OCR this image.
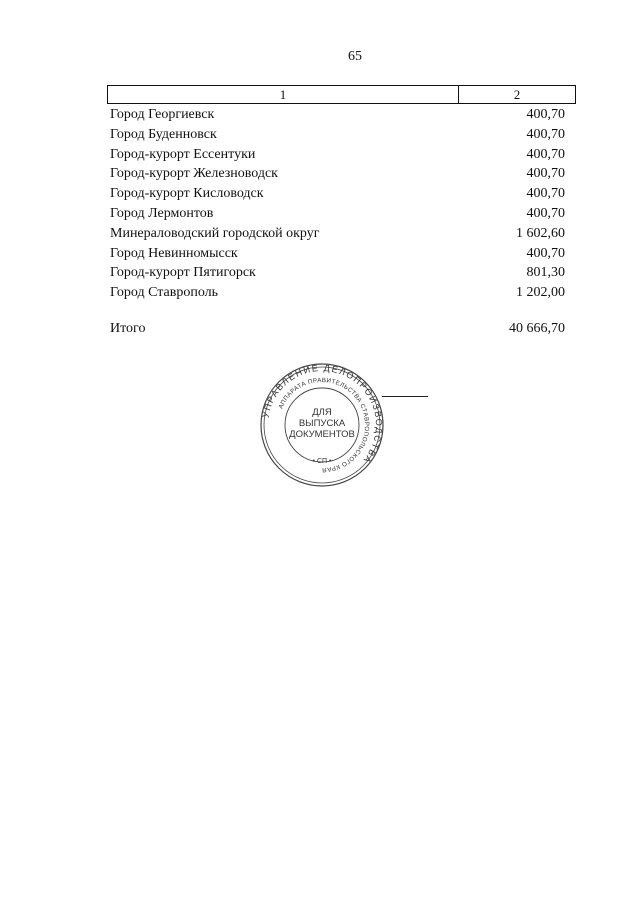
65
1	2
Город Георгиевск	400,70
Город Буденновск	400,70
Город-курорт Ессентуки	400,70
Город-курорт Железноводск	400,70
Город-курорт Кисловодск	400,70
Город Лермонтов	400,70
Минераловодский городской округ	1 602,60
Город Невинномысск	400,70
Город-курорт Пятигорск	801,30
Город Ставрополь	1 202,00
Итого	40 666,70
УПРАВЛЕНИЕ ДЕЛОПРОИЗВОДСТВА
АППАРАТА ПРАВИТЕЛЬСТВА СТАВРОПОЛЬСКОГО КРАЯ
ДЛЯ
ВЫПУСКА
ДОКУМЕНТОВ
• СП •
